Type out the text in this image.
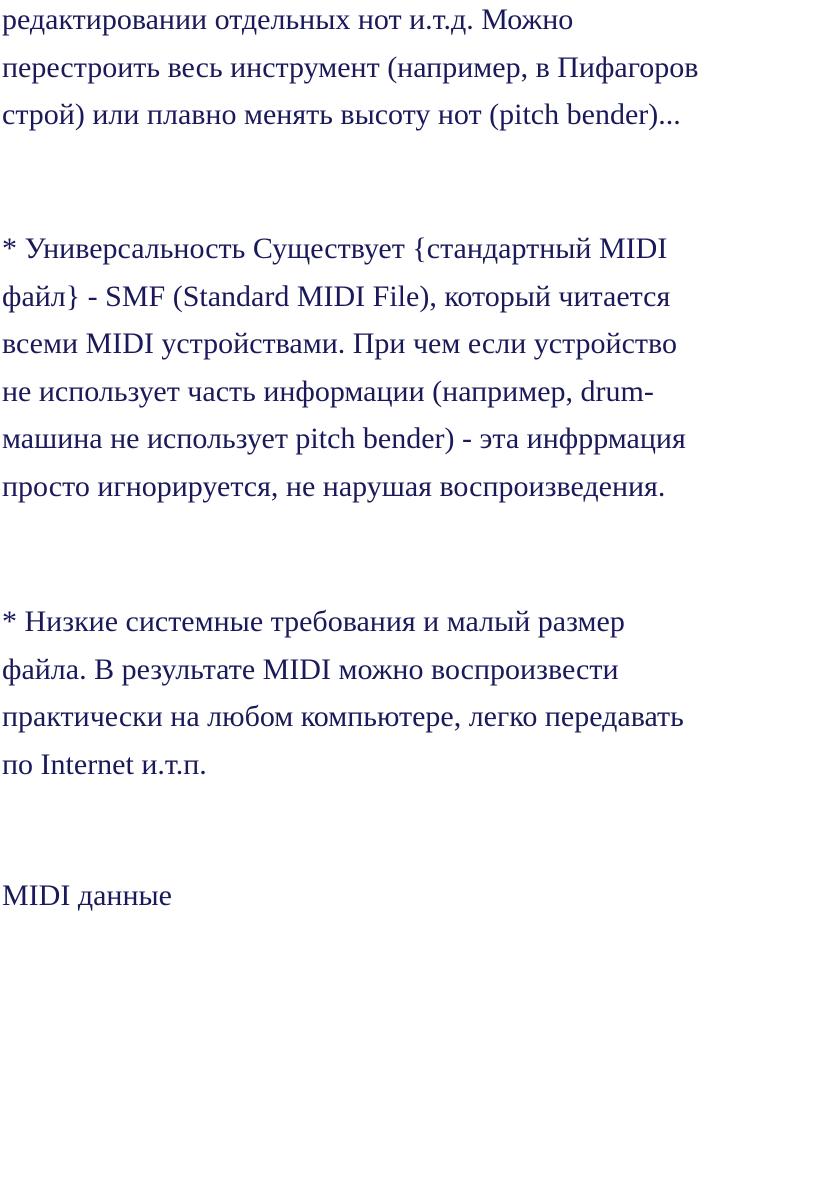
редактировании отдельных нот и.т.д. Можно
перестроить весь инструмент (например, в Пифагоров
строй) или плавно менять высоту нот (pitch bender)...

* Универсальность Существует {стандартный MIDI
файл} - SMF (Standard MIDI File), который читается
всеми MIDI устройствами. При чем если устройство
не использует часть информации (например, drum-
машина не использует pitch bender) - эта инфррмация
просто игнорируется, не нарушая воспроизведения.

* Низкие системные требования и малый размер
файла. В результате MIDI можно воспроизвести
практически на любом компьютере, легко передавать
по Internet и.т.п.

MIDI данные
